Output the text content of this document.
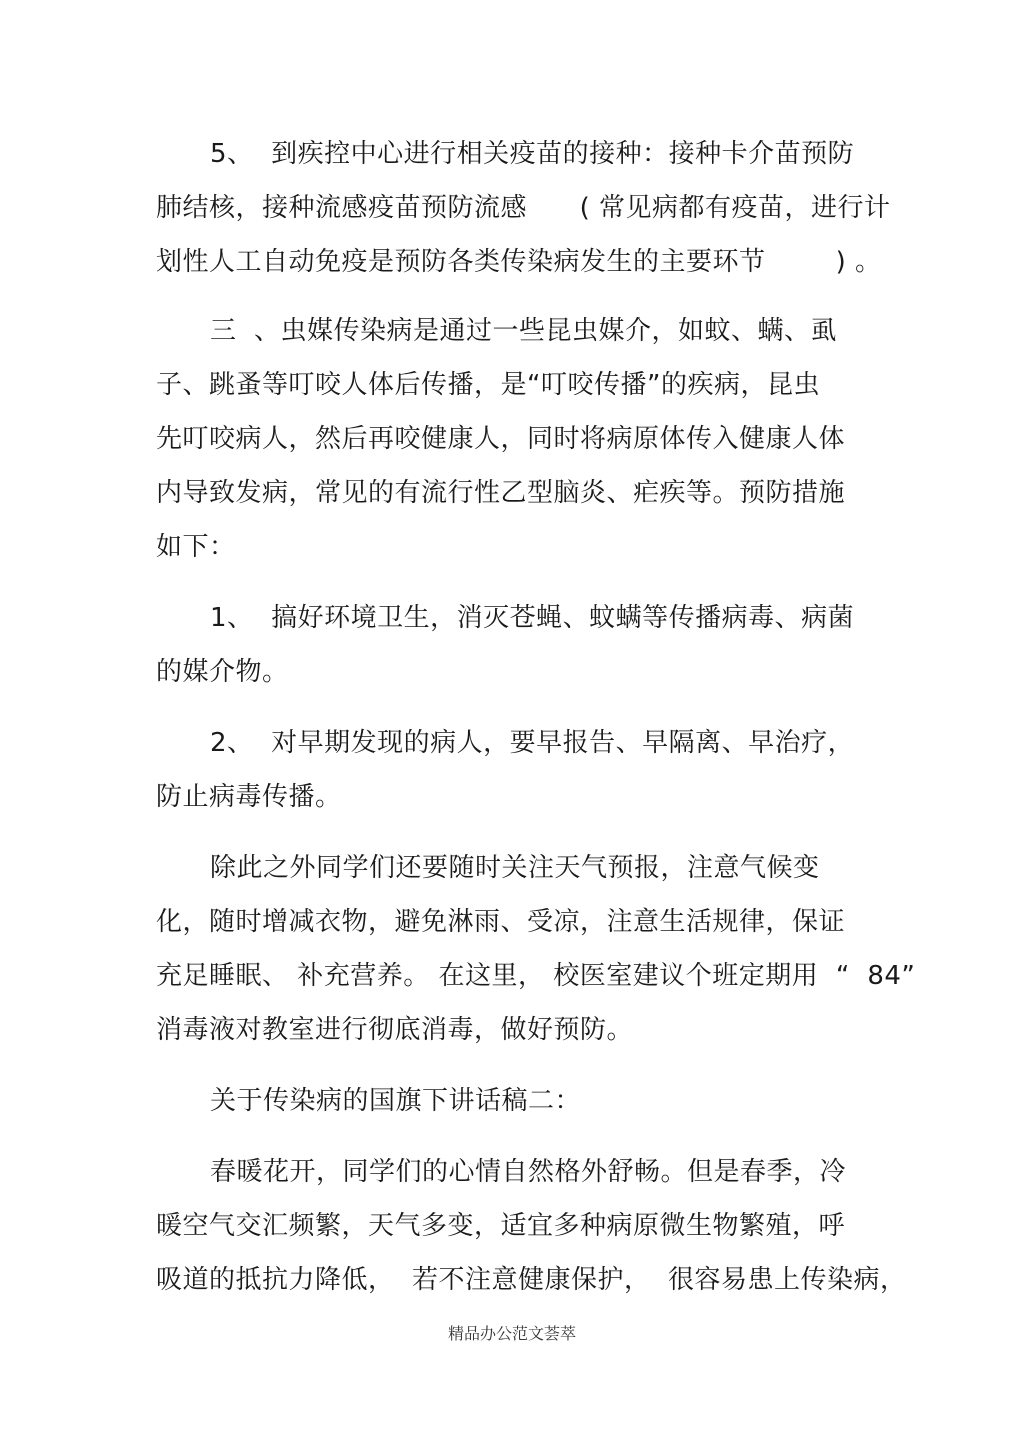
5、  到疾控中心进行相关疫苗的接种：接种卡介苗预防
肺结核，接种流感疫苗预防流感      ( 常见病都有疫苗，进行计
划性人工自动免疫是预防各类传染病发生的主要环节        ) 。
三  、虫媒传染病是通过一些昆虫媒介，如蚊、螨、虱
子、跳蚤等叮咬人体后传播，是“叮咬传播”的疾病，昆虫
先叮咬病人，然后再咬健康人，同时将病原体传入健康人体
内导致发病，常见的有流行性乙型脑炎、疟疾等。预防措施
如下：
1、  搞好环境卫生，消灭苍蝇、蚊螨等传播病毒、病菌
的媒介物。
2、  对早期发现的病人，要早报告、早隔离、早治疗，
防止病毒传播。
除此之外同学们还要随时关注天气预报，注意气候变
化，随时增减衣物，避免淋雨、受凉，注意生活规律，保证
充足睡眠、 补充营养。 在这里， 校医室建议个班定期用  “  84”
消毒液对教室进行彻底消毒，做好预防。
关于传染病的国旗下讲话稿二：
春暖花开，同学们的心情自然格外舒畅。但是春季，冷
暖空气交汇频繁，天气多变，适宜多种病原微生物繁殖，呼
吸道的抵抗力降低，  若不注意健康保护，  很容易患上传染病，
精品办公范文荟萃
